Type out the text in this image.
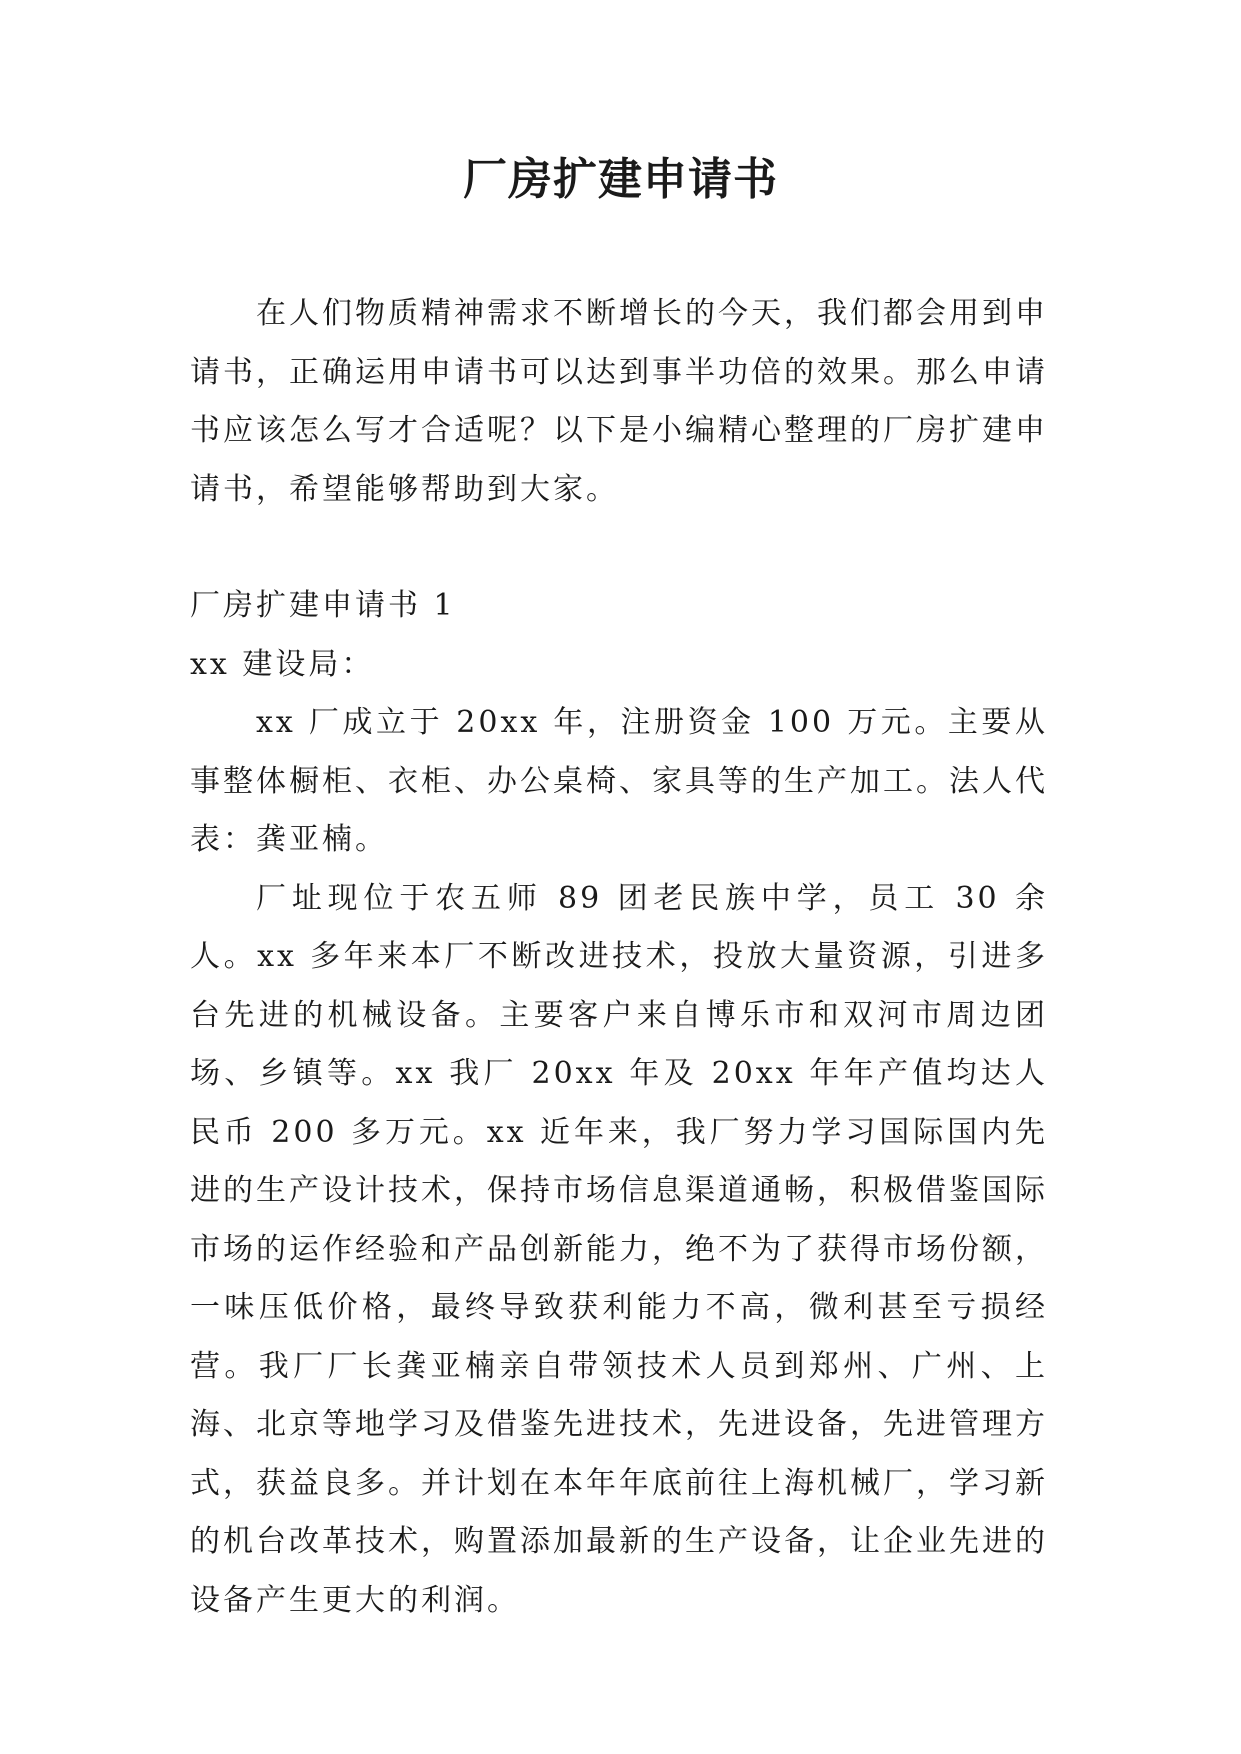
厂房扩建申请书

在人们物质精神需求不断增长的今天，我们都会用到申请书，正确运用申请书可以达到事半功倍的效果。那么申请书应该怎么写才合适呢？以下是小编精心整理的厂房扩建申请书，希望能够帮助到大家。

厂房扩建申请书 1

xx 建设局：

xx 厂成立于 20xx 年，注册资金 100 万元。主要从事整体橱柜、衣柜、办公桌椅、家具等的生产加工。法人代表：龚亚楠。

厂址现位于农五师 89 团老民族中学，员工 30 余人。xx 多年来本厂不断改进技术，投放大量资源，引进多台先进的机械设备。主要客户来自博乐市和双河市周边团场、乡镇等。xx 我厂 20xx 年及 20xx 年年产值均达人民币 200 多万元。xx 近年来，我厂努力学习国际国内先进的生产设计技术，保持市场信息渠道通畅，积极借鉴国际市场的运作经验和产品创新能力，绝不为了获得市场份额，一味压低价格，最终导致获利能力不高，微利甚至亏损经营。我厂厂长龚亚楠亲自带领技术人员到郑州、广州、上海、北京等地学习及借鉴先进技术，先进设备，先进管理方式，获益良多。并计划在本年年底前往上海机械厂，学习新的机台改革技术，购置添加最新的生产设备，让企业先进的设备产生更大的利润。
